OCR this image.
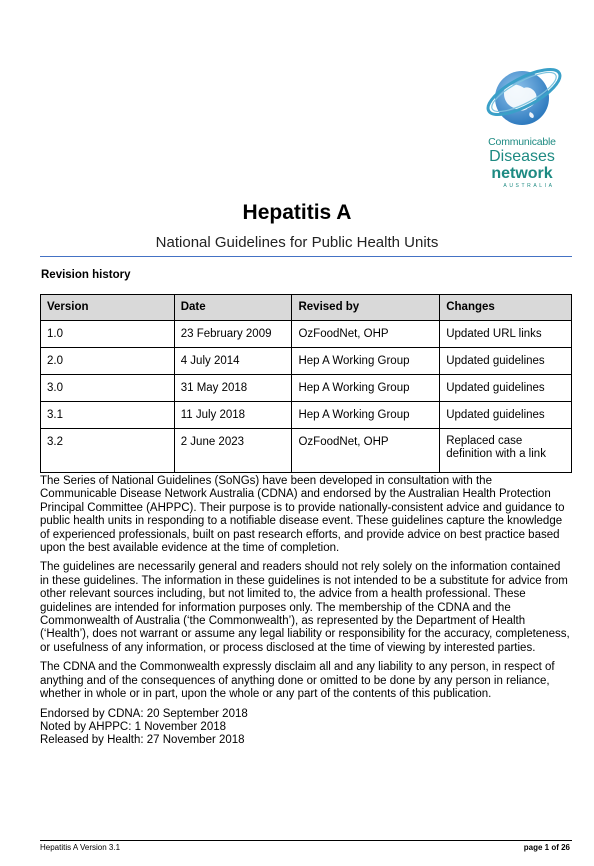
Communicable
Diseases
network
AUSTRALIA
Hepatitis A
National Guidelines for Public Health Units
Revision history
Version	Date	Revised by	Changes
1.0	23 February 2009	OzFoodNet, OHP	Updated URL links
2.0	4 July 2014	Hep A Working Group	Updated guidelines
3.0	31 May 2018	Hep A Working Group	Updated guidelines
3.1	11 July 2018	Hep A Working Group	Updated guidelines
3.2	2 June 2023	OzFoodNet, OHP	Replaced case definition with a link

The Series of National Guidelines (SoNGs) have been developed in consultation with the Communicable Disease Network Australia (CDNA) and endorsed by the Australian Health Protection Principal Committee (AHPPC). Their purpose is to provide nationally-consistent advice and guidance to public health units in responding to a notifiable disease event. These guidelines capture the knowledge of experienced professionals, built on past research efforts, and provide advice on best practice based upon the best available evidence at the time of completion.

The guidelines are necessarily general and readers should not rely solely on the information contained in these guidelines. The information in these guidelines is not intended to be a substitute for advice from other relevant sources including, but not limited to, the advice from a health professional. These guidelines are intended for information purposes only. The membership of the CDNA and the Commonwealth of Australia (‘the Commonwealth’), as represented by the Department of Health (‘Health’), does not warrant or assume any legal liability or responsibility for the accuracy, completeness, or usefulness of any information, or process disclosed at the time of viewing by interested parties.

The CDNA and the Commonwealth expressly disclaim all and any liability to any person, in respect of anything and of the consequences of anything done or omitted to be done by any person in reliance, whether in whole or in part, upon the whole or any part of the contents of this publication.

Endorsed by CDNA: 20 September 2018

Noted by AHPPC: 1 November 2018

Released by Health: 27 November 2018

Hepatitis A Version 3.1	page 1 of 26
